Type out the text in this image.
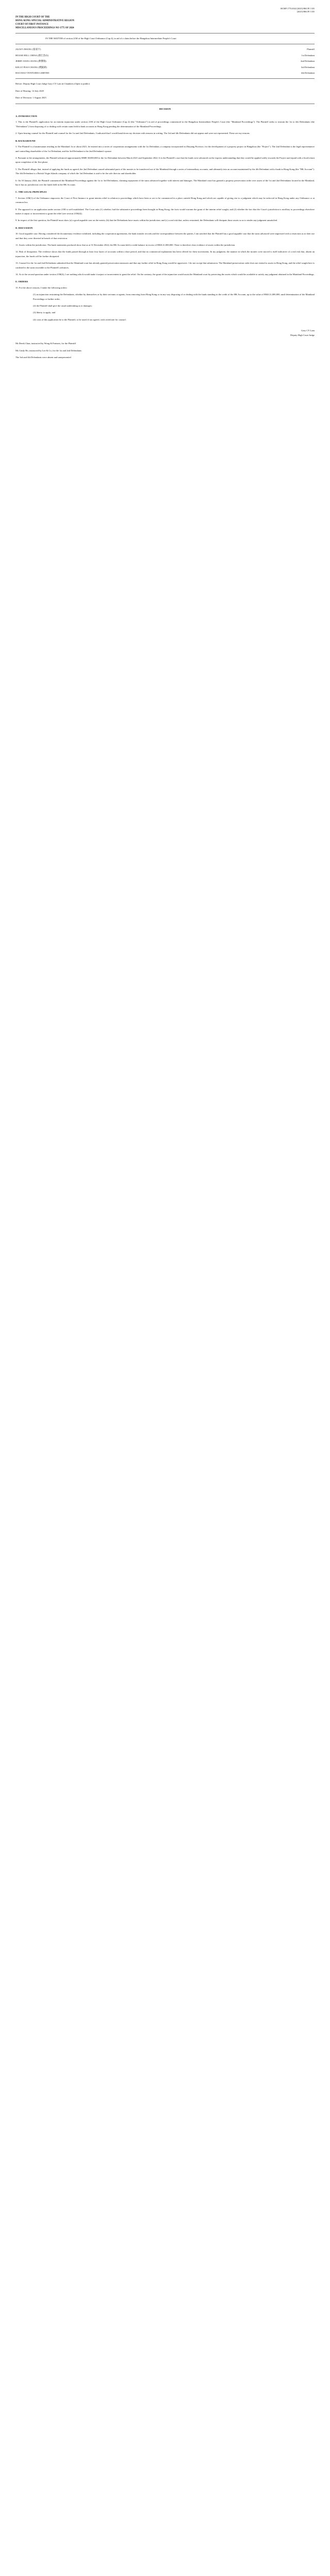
HCMP 1775/2024 [2025] HKCFI 1335
[2025] HKCFI 1335
IN THE HIGH COURT OF THE
HONG KONG SPECIAL ADMINISTRATIVE REGION
COURT OF FIRST INSTANCE
MISCELLANEOUS PROCEEDINGS NO 1775 OF 2024

IN THE MATTER of section 21M of the High Court Ordinance (Cap 4), in aid of a claim before the Hangzhou Intermediate People's Court

JACKY ZHANG (張家宇)	Plaintiff
HOUSE HILL CHINA (浙江浩山)	1st Defendant
JERRY JIANG JIANG (蔣傑瑞)	2nd Defendant
KELLY PIAO CHANG (樸凱莉)	3rd Defendant
HAO HAO VENTURES LIMITED	4th Defendant

Before: Deputy High Court Judge Gary CY Lam in Chambers (Open to public)

Date of Hearing: 14 July 2025

Date of Decision: 1 August 2025

DECISION
A. INTRODUCTION

1. This is the Plaintiff's application for an interim injunction under section 21M of the High Court Ordinance (Cap 4) (the "Ordinance") in aid of proceedings commenced in the Hangzhou Intermediate People's Court (the "Mainland Proceedings"). The Plaintiff seeks to restrain the 1st to 4th Defendants (the "Defendants") from disposing of or dealing with certain sums held in bank accounts in Hong Kong pending the determination of the Mainland Proceedings.

2. Upon hearing counsel for the Plaintiff and counsel for the 1st and 2nd Defendants, I indicated that I would hand down my decision with reasons in writing. The 3rd and 4th Defendants did not appear and were not represented. These are my reasons.

B. BACKGROUND

3. The Plaintiff is a businessman residing in the Mainland. In or about 2021, he entered into a series of cooperation arrangements with the 1st Defendant, a company incorporated in Zhejiang Province, for the development of a property project in Hangzhou (the "Project"). The 2nd Defendant is the legal representative and controlling shareholder of the 1st Defendant, and the 3rd Defendant is the 2nd Defendant's spouse.

4. Pursuant to the arrangements, the Plaintiff advanced approximately RMB 38,000,000 to the 1st Defendant between March 2021 and September 2022. It is the Plaintiff's case that the funds were advanced on the express understanding that they would be applied solely towards the Project and repaid with a fixed return upon completion of the first phase.

5. The Plaintiff alleges that, instead of applying the funds as agreed, the 2nd Defendant caused substantial parts of the monies to be transferred out of the Mainland through a series of intermediary accounts, and ultimately into an account maintained by the 4th Defendant with a bank in Hong Kong (the "HK Account"). The 4th Defendant is a British Virgin Islands company of which the 3rd Defendant is said to be the sole director and shareholder.

6. On 18 January 2024, the Plaintiff commenced the Mainland Proceedings against the 1st to 3rd Defendants, claiming repayment of the sums advanced together with interest and damages. The Mainland court has granted a property preservation order over assets of the 1st and 2nd Defendants located in the Mainland, but it has no jurisdiction over the funds held in the HK Account.

C. THE LEGAL PRINCIPLES

7. Section 21M(1) of the Ordinance empowers the Court of First Instance to grant interim relief in relation to proceedings which have been or are to be commenced in a place outside Hong Kong and which are capable of giving rise to a judgment which may be enforced in Hong Kong under any Ordinance or at common law.

8. The approach to an application under section 21M is well established. The Court asks (1) whether, had the substantive proceedings been brought in Hong Kong, the facts would warrant the grant of the interim relief sought; and (2) whether the fact that the Court's jurisdiction is ancillary to proceedings elsewhere makes it unjust or inconvenient to grant the relief (see section 21M(4)).

9. In respect of the first question, the Plaintiff must show (a) a good arguable case on the merits; (b) that the Defendants have assets within the jurisdiction; and (c) a real risk that, unless restrained, the Defendants will dissipate those assets so as to render any judgment unsatisfied.

D. DISCUSSION

10. Good arguable case. Having considered the documentary evidence exhibited, including the cooperation agreements, the bank transfer records and the correspondence between the parties, I am satisfied that the Plaintiff has a good arguable case that the sums advanced were impressed with a restriction as to their use and that they were diverted in breach of that restriction.

11. Assets within the jurisdiction. The bank statements produced show that as at 31 December 2024, the HK Account held a credit balance in excess of HK$ 21,000,000. There is therefore clear evidence of assets within the jurisdiction.

12. Risk of dissipation. The evidence shows that the funds passed through at least four layers of accounts within a short period, and that no commercial explanation has been offered for these movements. In my judgment, the manner in which the monies were moved is itself indicative of a real risk that, absent an injunction, the funds will be further dissipated.

13. Counsel for the 1st and 2nd Defendants submitted that the Mainland court has already granted preservation measures and that any further relief in Hong Kong would be oppressive. I do not accept that submission. The Mainland preservation order does not extend to assets in Hong Kong, and the relief sought here is confined to the sums traceable to the Plaintiff's advances.

14. As to the second question under section 21M(4), I see nothing which would make it unjust or inconvenient to grant the relief. On the contrary, the grant of the injunction would assist the Mainland court by preserving the assets which would be available to satisfy any judgment obtained in the Mainland Proceedings.

E. ORDERS

15. For the above reasons, I make the following orders:

(1) an injunction restraining the Defendants, whether by themselves or by their servants or agents, from removing from Hong Kong or in any way disposing of or dealing with the funds standing to the credit of the HK Account, up to the value of HK$ 21,000,000, until determination of the Mainland Proceedings or further order;

(2) the Plaintiff shall give the usual undertaking as to damages;

(3) liberty to apply; and

(4) costs of this application be to the Plaintiff, to be taxed if not agreed, with certificate for counsel.

Gary CY Lam
Deputy High Court Judge

Mr Derek Chan, instructed by Wong & Partners, for the Plaintiff

Ms Cindy Ho, instructed by Lee & Co, for the 1st and 2nd Defendants

The 3rd and 4th Defendants were absent and unrepresented
